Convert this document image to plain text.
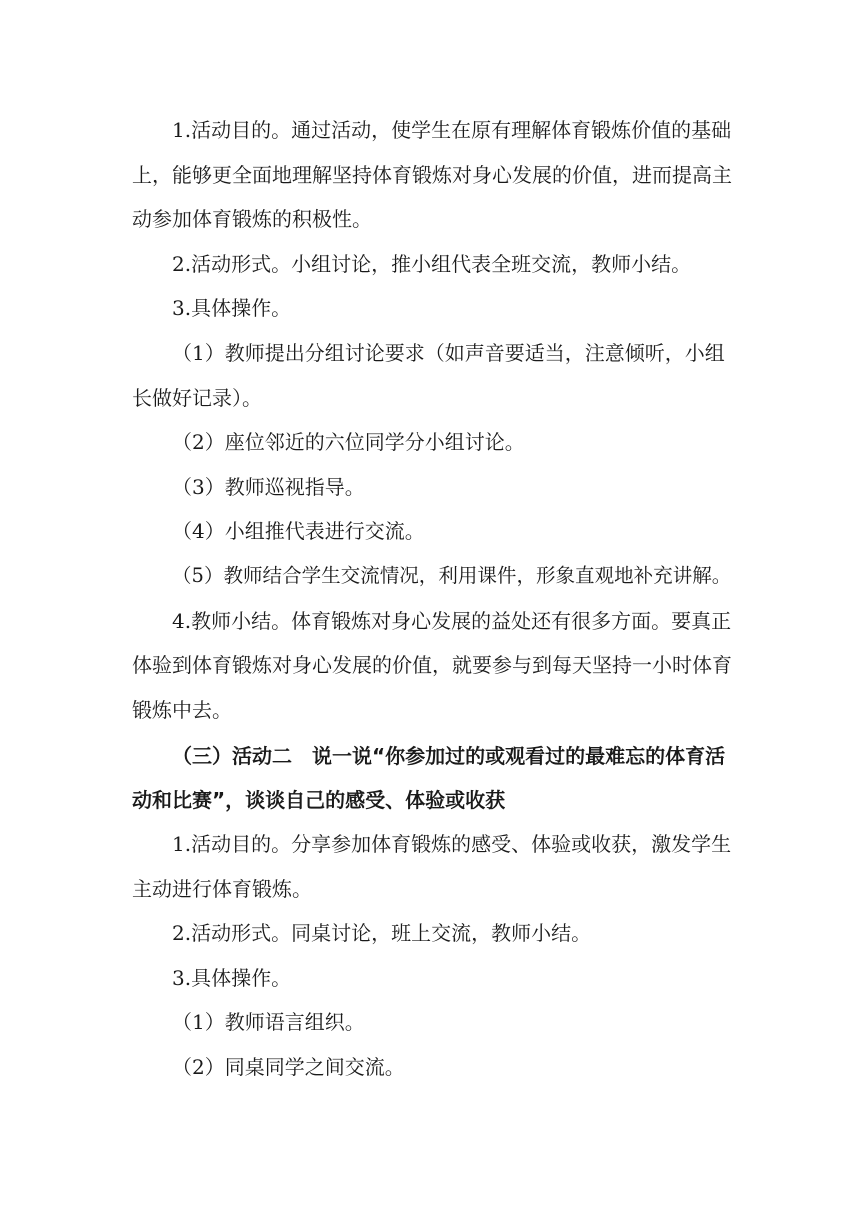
1.活动目的。通过活动，使学生在原有理解体育锻炼价值的基础
上，能够更全面地理解坚持体育锻炼对身心发展的价值，进而提高主
动参加体育锻炼的积极性。
2.活动形式。小组讨论，推小组代表全班交流，教师小结。
3.具体操作。
（1）教师提出分组讨论要求（如声音要适当，注意倾听，小组
长做好记录）。
（2）座位邻近的六位同学分小组讨论。
（3）教师巡视指导。
（4）小组推代表进行交流。
（5）教师结合学生交流情况，利用课件，形象直观地补充讲解。
4.教师小结。体育锻炼对身心发展的益处还有很多方面。要真正
体验到体育锻炼对身心发展的价值，就要参与到每天坚持一小时体育
锻炼中去。
（三）活动二　说一说“你参加过的或观看过的最难忘的体育活
动和比赛”，谈谈自己的感受、体验或收获
1.活动目的。分享参加体育锻炼的感受、体验或收获，激发学生
主动进行体育锻炼。
2.活动形式。同桌讨论，班上交流，教师小结。
3.具体操作。
（1）教师语言组织。
（2）同桌同学之间交流。
